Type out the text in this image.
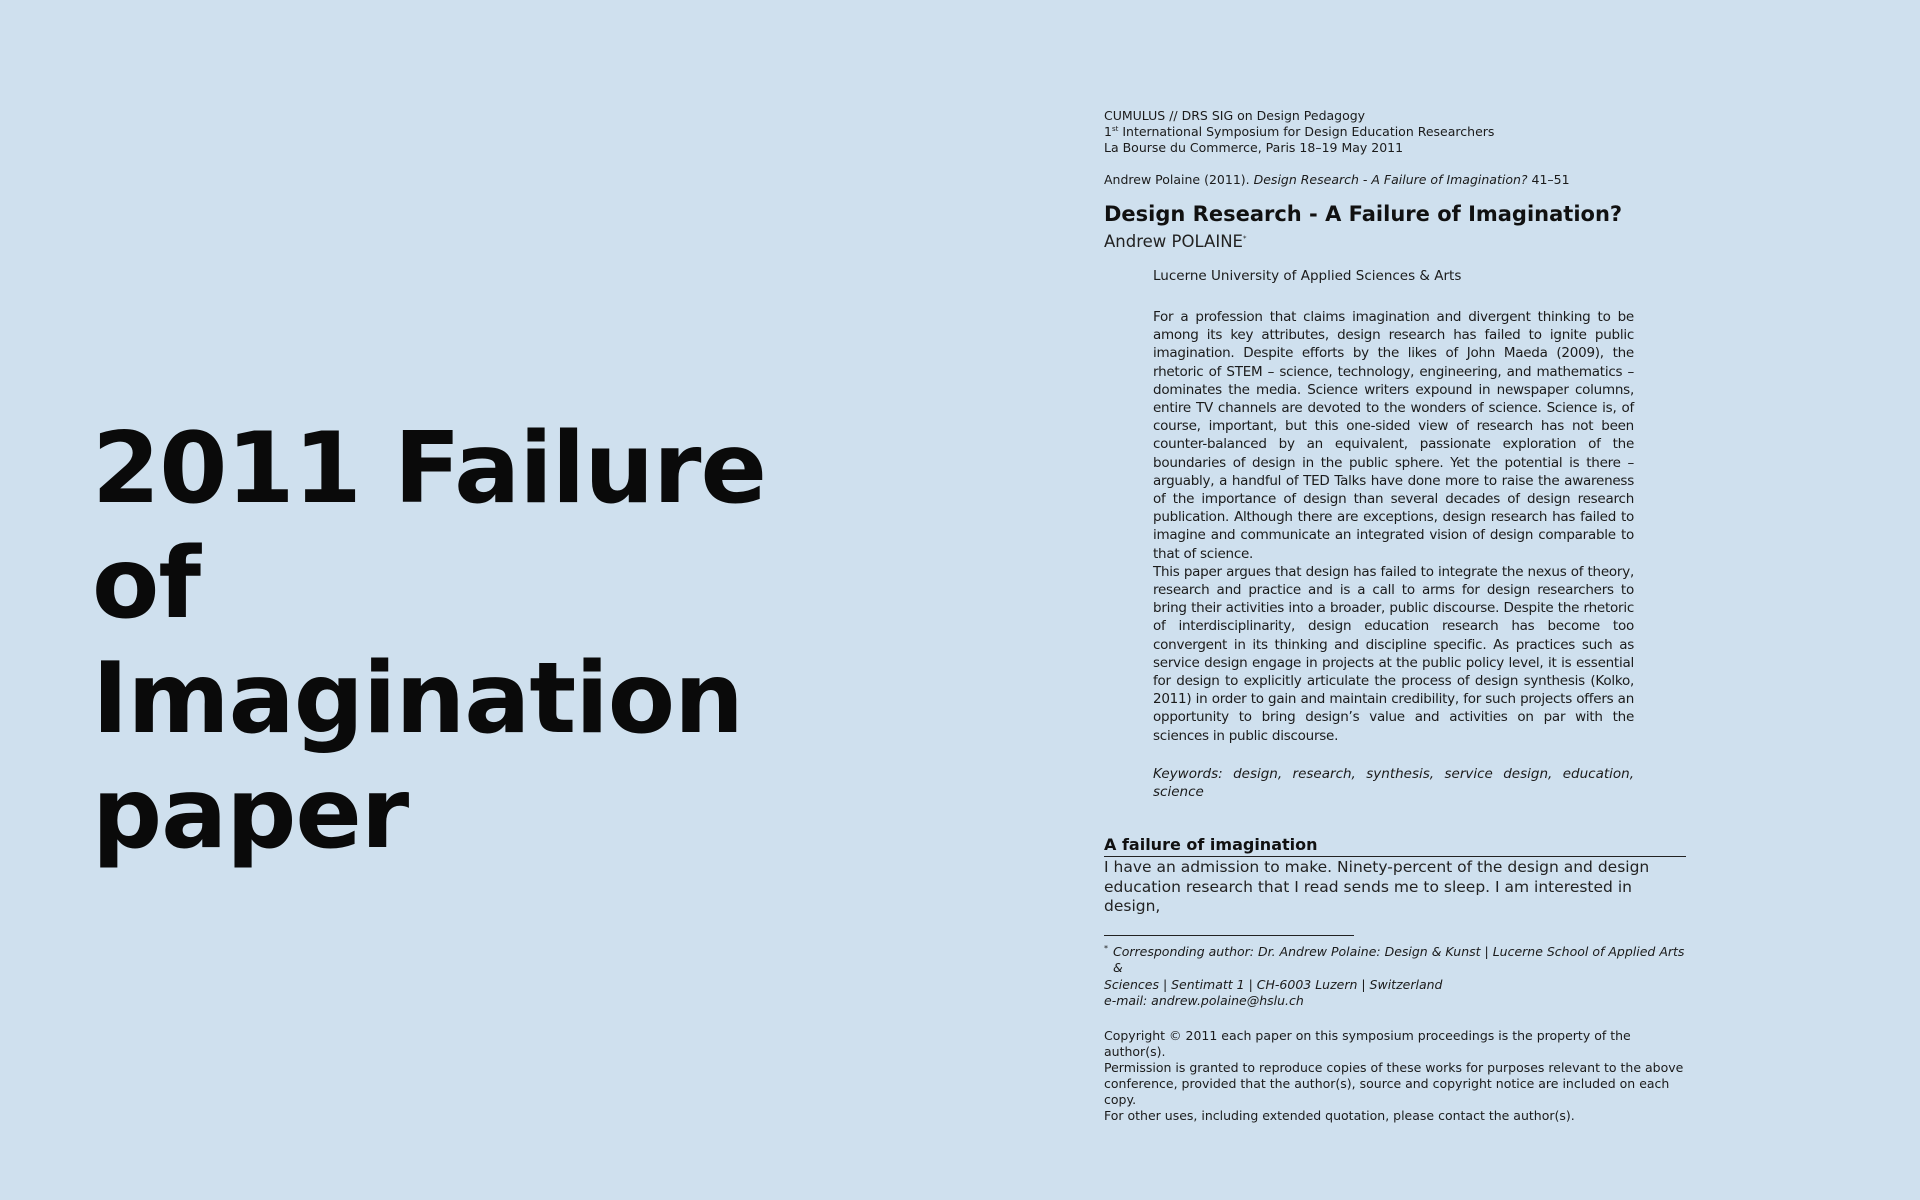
2011 Failure of
Imagination
paper
CUMULUS // DRS SIG on Design Pedagogy
1st International Symposium for Design Education Researchers
La Bourse du Commerce, Paris 18–19 May 2011
Andrew Polaine (2011). Design Research - A Failure of Imagination? 41–51
Design Research - A Failure of Imagination?
Andrew POLAINE*
Lucerne University of Applied Sciences & Arts

For a profession that claims imagination and divergent thinking to be among its key attributes, design research has failed to ignite public imagination. Despite efforts by the likes of John Maeda (2009), the rhetoric of STEM – science, technology, engineering, and mathematics – dominates the media. Science writers expound in newspaper columns, entire TV channels are devoted to the wonders of science. Science is, of course, important, but this one-sided view of research has not been counter-balanced by an equivalent, passionate exploration of the boundaries of design in the public sphere. Yet the potential is there – arguably, a handful of TED Talks have done more to raise the awareness of the importance of design than several decades of design research publication. Although there are exceptions, design research has failed to imagine and communicate an integrated vision of design comparable to that of science.

This paper argues that design has failed to integrate the nexus of theory, research and practice and is a call to arms for design researchers to bring their activities into a broader, public discourse. Despite the rhetoric of interdisciplinarity, design education research has become too convergent in its thinking and discipline specific. As practices such as service design engage in projects at the public policy level, it is essential for design to explicitly articulate the process of design synthesis (Kolko, 2011) in order to gain and maintain credibility, for such projects offers an opportunity to bring design’s value and activities on par with the sciences in public discourse.

Keywords: design, research, synthesis, service design, education, science
A failure of imagination
I have an admission to make. Ninety-percent of the design and design
education research that I read sends me to sleep. I am interested in design,
* Corresponding author: Dr. Andrew Polaine: Design & Kunst | Lucerne School of Applied Arts &
Sciences | Sentimatt 1 | CH-6003 Luzern | Switzerland
e-mail: andrew.polaine@hslu.ch
Copyright © 2011 each paper on this symposium proceedings is the property of the author(s).
Permission is granted to reproduce copies of these works for purposes relevant to the above
conference, provided that the author(s), source and copyright notice are included on each copy.
For other uses, including extended quotation, please contact the author(s).
